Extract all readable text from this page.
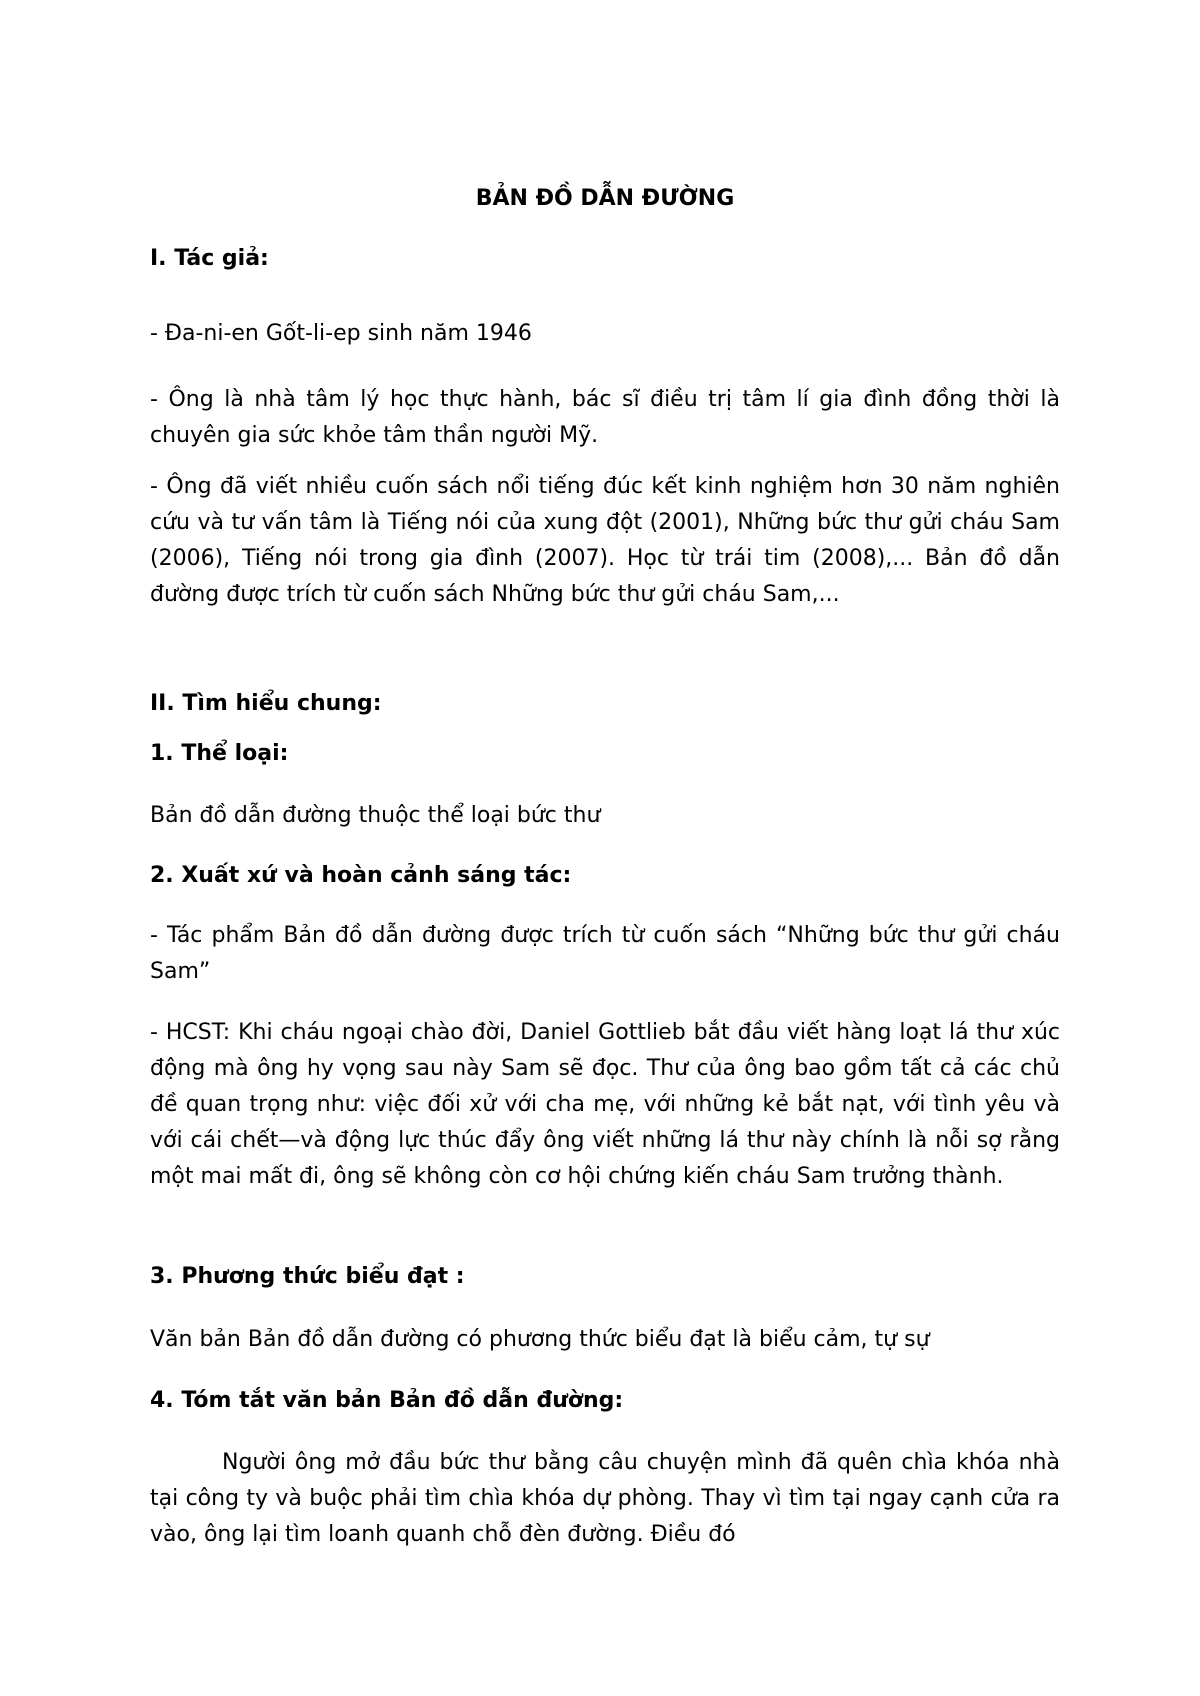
BẢN ĐỒ DẪN ĐƯỜNG
I. Tác giả:
- Đa-ni-en Gốt-li-ep sinh năm 1946
- Ông là nhà tâm lý học thực hành, bác sĩ điều trị tâm lí gia đình đồng thời là chuyên gia sức khỏe tâm thần người Mỹ.
- Ông đã viết nhiều cuốn sách nổi tiếng đúc kết kinh nghiệm hơn 30 năm nghiên cứu và tư vấn tâm là Tiếng nói của xung đột (2001), Những bức thư gửi cháu Sam (2006), Tiếng nói trong gia đình (2007). Học từ trái tim (2008),... Bản đồ dẫn đường được trích từ cuốn sách Những bức thư gửi cháu Sam,...
II. Tìm hiểu chung:
1. Thể loại:
Bản đồ dẫn đường thuộc thể loại bức thư
2. Xuất xứ và hoàn cảnh sáng tác:
- Tác phẩm Bản đồ dẫn đường được trích từ cuốn sách “Những bức thư gửi cháu Sam”
- HCST: Khi cháu ngoại chào đời, Daniel Gottlieb bắt đầu viết hàng loạt lá thư xúc động mà ông hy vọng sau này Sam sẽ đọc. Thư của ông bao gồm tất cả các chủ đề quan trọng như: việc đối xử với cha mẹ, với những kẻ bắt nạt, với tình yêu và với cái chết—và động lực thúc đẩy ông viết những lá thư này chính là nỗi sợ rằng một mai mất đi, ông sẽ không còn cơ hội chứng kiến cháu Sam trưởng thành.
3. Phương thức biểu đạt :
Văn bản Bản đồ dẫn đường có phương thức biểu đạt là biểu cảm, tự sự
4. Tóm tắt văn bản Bản đồ dẫn đường:
Người ông mở đầu bức thư bằng câu chuyện mình đã quên chìa khóa nhà tại công ty và buộc phải tìm chìa khóa dự phòng. Thay vì tìm tại ngay cạnh cửa ra vào, ông lại tìm loanh quanh chỗ đèn đường. Điều đó
